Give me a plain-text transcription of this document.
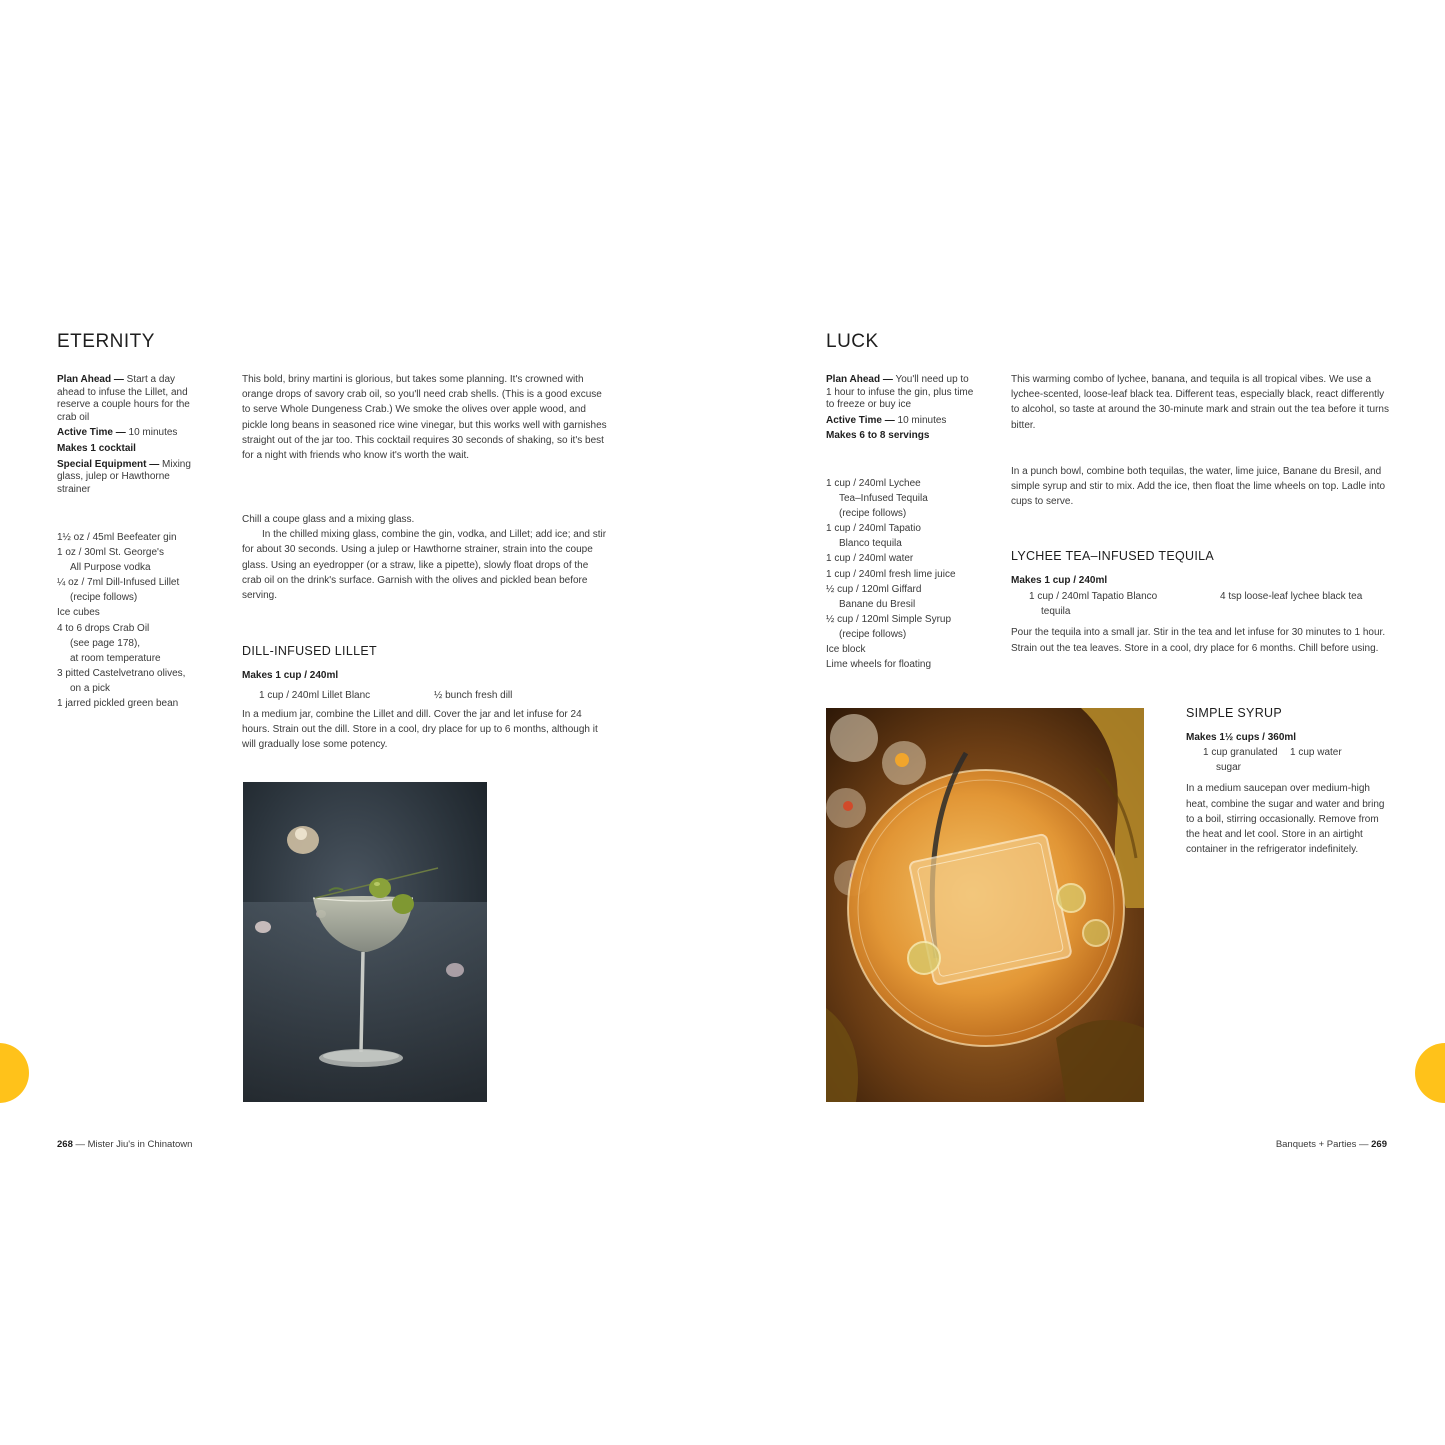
ETERNITY
Plan Ahead — Start a day ahead to infuse the Lillet, and reserve a couple hours for the crab oil
Active Time — 10 minutes
Makes 1 cocktail
Special Equipment — Mixing glass, julep or Hawthorne strainer
1½ oz / 45ml Beefeater gin
1 oz / 30ml St. George's
All Purpose vodka
¼ oz / 7ml Dill-Infused Lillet
(recipe follows)
Ice cubes
4 to 6 drops Crab Oil
(see page 178),
at room temperature
3 pitted Castelvetrano olives,
on a pick
1 jarred pickled green bean

This bold, briny martini is glorious, but takes some planning. It's crowned with orange drops of savory crab oil, so you'll need crab shells. (This is a good excuse to serve Whole Dungeness Crab.) We smoke the olives over apple wood, and pickle long beans in seasoned rice wine vinegar, but this works well with garnishes straight out of the jar too. This cocktail requires 30 seconds of shaking, so it's best for a night with friends who know it's worth the wait.

Chill a coupe glass and a mixing glass.

In the chilled mixing glass, combine the gin, vodka, and Lillet; add ice; and stir for about 30 seconds. Using a julep or Hawthorne strainer, strain into the coupe glass. Using an eyedropper (or a straw, like a pipette), slowly float drops of the crab oil on the drink's surface. Garnish with the olives and pickled bean before serving.

DILL-INFUSED LILLET
Makes 1 cup / 240ml
1 cup / 240ml Lillet Blanc	½ bunch fresh dill

In a medium jar, combine the Lillet and dill. Cover the jar and let infuse for 24 hours. Strain out the dill. Store in a cool, dry place for up to 6 months, although it will gradually lose some potency.

268 — Mister Jiu's in Chinatown
LUCK
Plan Ahead — You'll need up to 1 hour to infuse the gin, plus time to freeze or buy ice
Active Time — 10 minutes
Makes 6 to 8 servings
1 cup / 240ml Lychee
Tea–Infused Tequila
(recipe follows)
1 cup / 240ml Tapatio
Blanco tequila
1 cup / 240ml water
1 cup / 240ml fresh lime juice
½ cup / 120ml Giffard
Banane du Bresil
½ cup / 120ml Simple Syrup
(recipe follows)
Ice block
Lime wheels for floating

This warming combo of lychee, banana, and tequila is all tropical vibes. We use a lychee-scented, loose-leaf black tea. Different teas, especially black, react differently to alcohol, so taste at around the 30-minute mark and strain out the tea before it turns bitter.

In a punch bowl, combine both tequilas, the water, lime juice, Banane du Bresil, and simple syrup and stir to mix. Add the ice, then float the lime wheels on top. Ladle into cups to serve.

LYCHEE TEA–INFUSED TEQUILA
Makes 1 cup / 240ml
1 cup / 240ml Tapatio Blanco
tequila
4 tsp loose-leaf lychee black tea

Pour the tequila into a small jar. Stir in the tea and let infuse for 30 minutes to 1 hour. Strain out the tea leaves. Store in a cool, dry place for 6 months. Chill before using.

SIMPLE SYRUP
Makes 1½ cups / 360ml
1 cup granulated
sugar
1 cup water

In a medium saucepan over medium-high heat, combine the sugar and water and bring to a boil, stirring occasionally. Remove from the heat and let cool. Store in an airtight container in the refrigerator indefinitely.

Banquets + Parties — 269
